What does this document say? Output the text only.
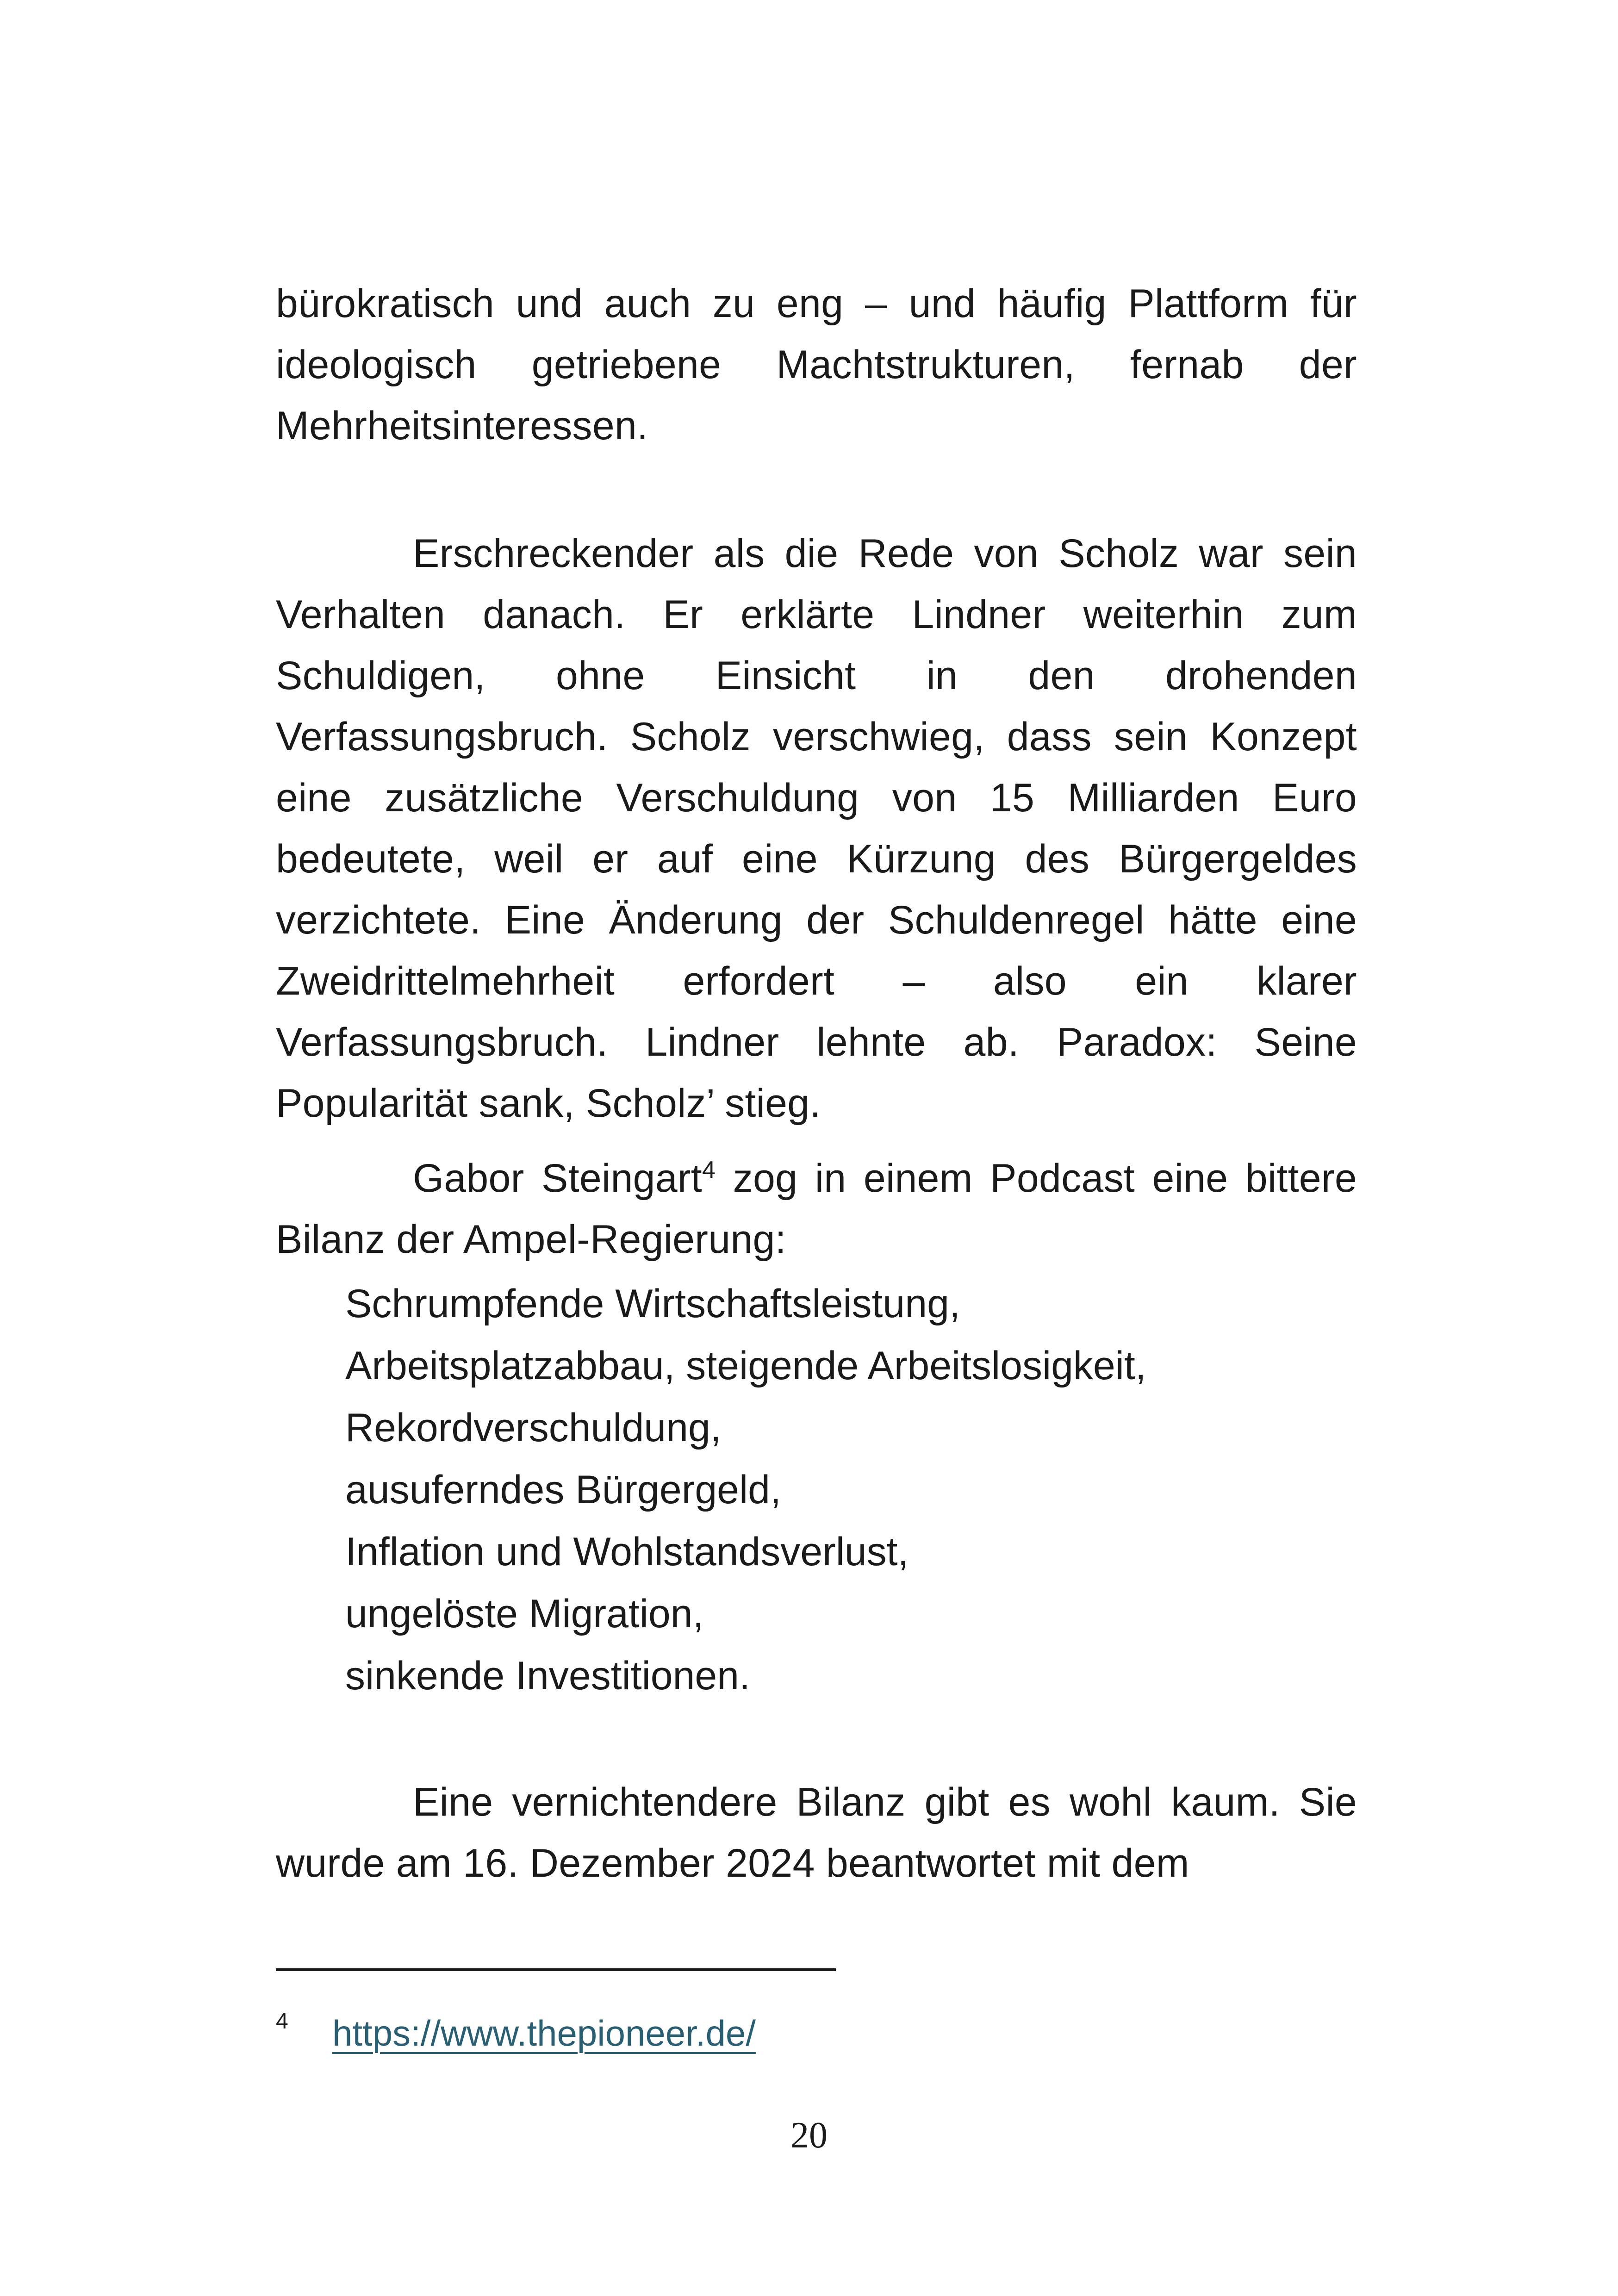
bürokratisch und auch zu eng – und häufig Plattform für ideologisch getriebene Machtstrukturen, fernab der Mehrheitsinteressen.

Erschreckender als die Rede von Scholz war sein Verhalten danach. Er erklärte Lindner weiterhin zum Schuldigen, ohne Einsicht in den drohenden Verfassungsbruch. Scholz verschwieg, dass sein Konzept eine zusätzliche Verschuldung von 15 Milliarden Euro bedeutete, weil er auf eine Kürzung des Bürgergeldes verzichtete. Eine Änderung der Schuldenregel hätte eine Zweidrittelmehrheit erfordert – also ein klarer Verfassungsbruch. Lindner lehnte ab. Paradox: Seine Popularität sank, Scholz’ stieg.

Gabor Steingart$^4$ zog in einem Podcast eine bittere Bilanz der Ampel-Regierung:

Schrumpfende Wirtschaftsleistung,
Arbeitsplatzabbau, steigende Arbeitslosigkeit,
Rekordverschuldung,
ausuferndes Bürgergeld,
Inflation und Wohlstandsverlust,
ungelöste Migration,
sinkende Investitionen.

Eine vernichtendere Bilanz gibt es wohl kaum. Sie wurde am 16. Dezember 2024 beantwortet mit dem

4 https://www.thepioneer.de/
20
